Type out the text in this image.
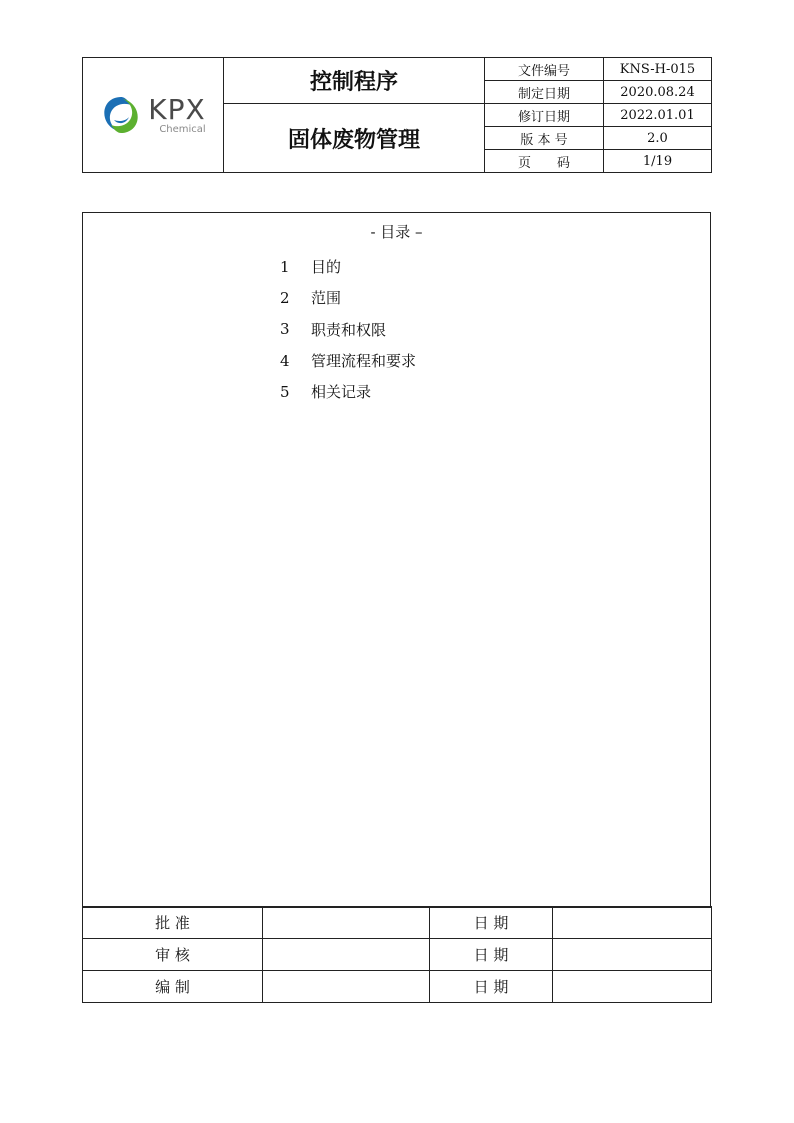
KPX
Chemical	控制程序	文件编号	KNS-H-015
		制定日期	2020.08.24
	固体废物管理	修订日期	2022.01.01
		版 本 号	2.0
		页　　码	1/19
- 目录 –
1	目的
2	范围
3	职责和权限
4	管理流程和要求
5	相关记录
批 准		日 期	
审 核		日 期	
编 制		日 期	
